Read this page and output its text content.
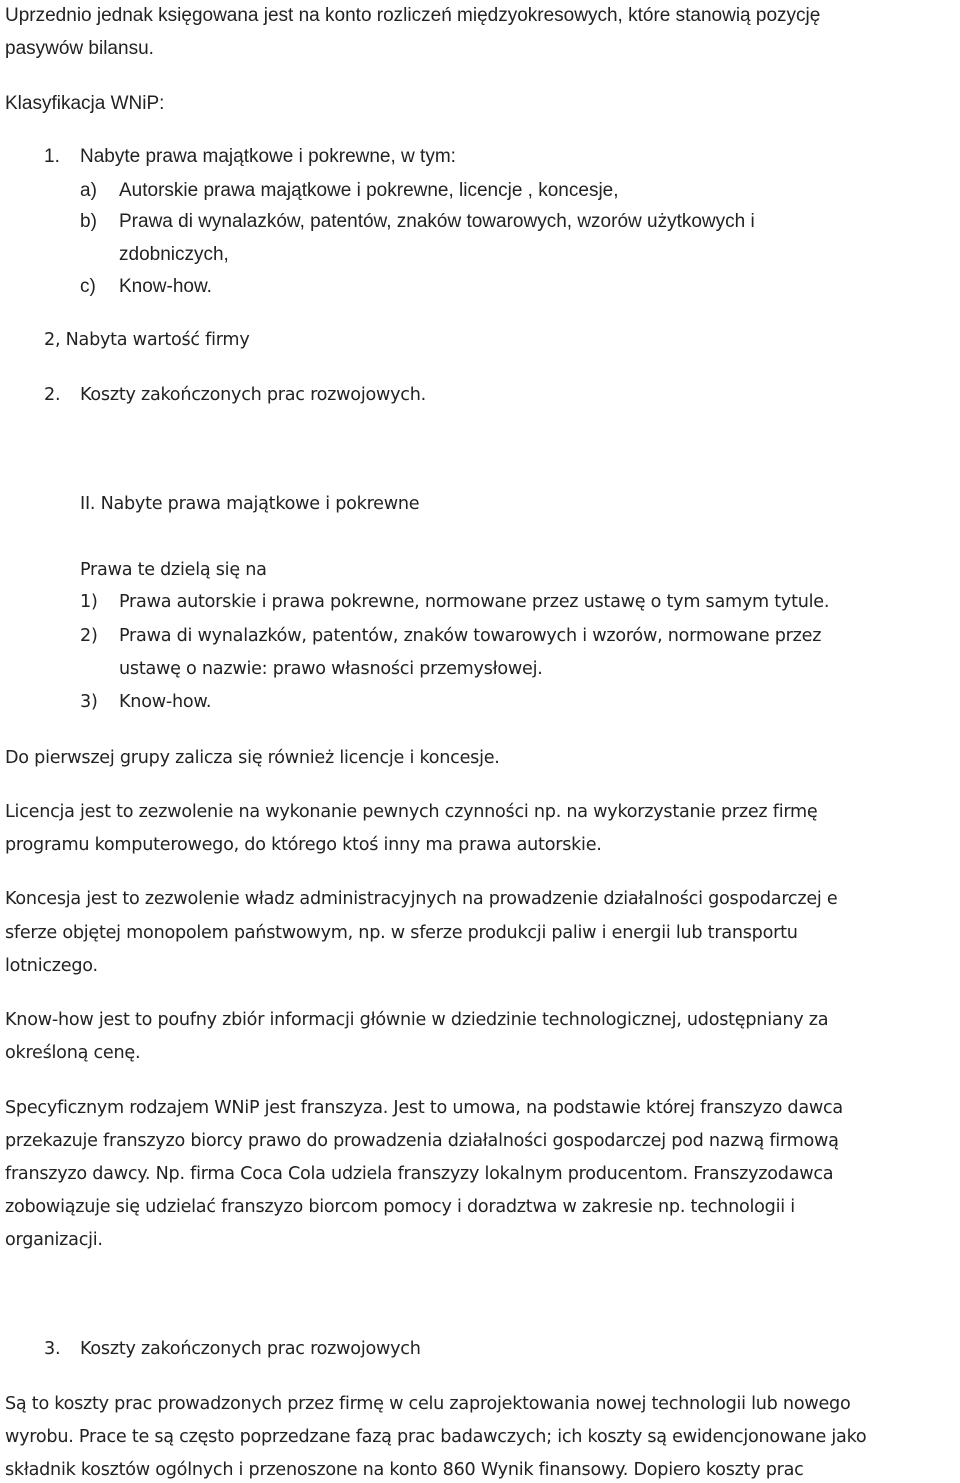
Uprzednio jednak księgowana jest na konto rozliczeń międzyokresowych, które stanowią pozycję
pasywów bilansu.
Klasyfikacja WNiP:
1. Nabyte prawa majątkowe i pokrewne, w tym:
a) Autorskie prawa majątkowe i pokrewne, licencje , koncesje,
b) Prawa di wynalazków, patentów, znaków towarowych, wzorów użytkowych i
zdobniczych,
c) Know-how.
2, Nabyta wartość firmy
2. Koszty zakończonych prac rozwojowych.
II. Nabyte prawa majątkowe i pokrewne
Prawa te dzielą się na
1) Prawa autorskie i prawa pokrewne, normowane przez ustawę o tym samym tytule.
2) Prawa di wynalazków, patentów, znaków towarowych i wzorów, normowane przez
ustawę o nazwie: prawo własności przemysłowej.
3) Know-how.
Do pierwszej grupy zalicza się również licencje i koncesje.
Licencja jest to zezwolenie na wykonanie pewnych czynności np. na wykorzystanie przez firmę
programu komputerowego, do którego ktoś inny ma prawa autorskie.
Koncesja jest to zezwolenie władz administracyjnych na prowadzenie działalności gospodarczej e
sferze objętej monopolem państwowym, np. w sferze produkcji paliw i energii lub transportu
lotniczego.
Know-how jest to poufny zbiór informacji głównie w dziedzinie technologicznej, udostępniany za
określoną cenę.
Specyficznym rodzajem WNiP jest franszyza. Jest to umowa, na podstawie której franszyzo dawca
przekazuje franszyzo biorcy prawo do prowadzenia działalności gospodarczej pod nazwą firmową
franszyzo dawcy. Np. firma Coca Cola udziela franszyzy lokalnym producentom. Franszyzodawca
zobowiązuje się udzielać franszyzo biorcom pomocy i doradztwa w zakresie np. technologii i
organizacji.
3. Koszty zakończonych prac rozwojowych
Są to koszty prac prowadzonych przez firmę w celu zaprojektowania nowej technologii lub nowego
wyrobu. Prace te są często poprzedzane fazą prac badawczych; ich koszty są ewidencjonowane jako
składnik kosztów ogólnych i przenoszone na konto 860 Wynik finansowy. Dopiero koszty prac
